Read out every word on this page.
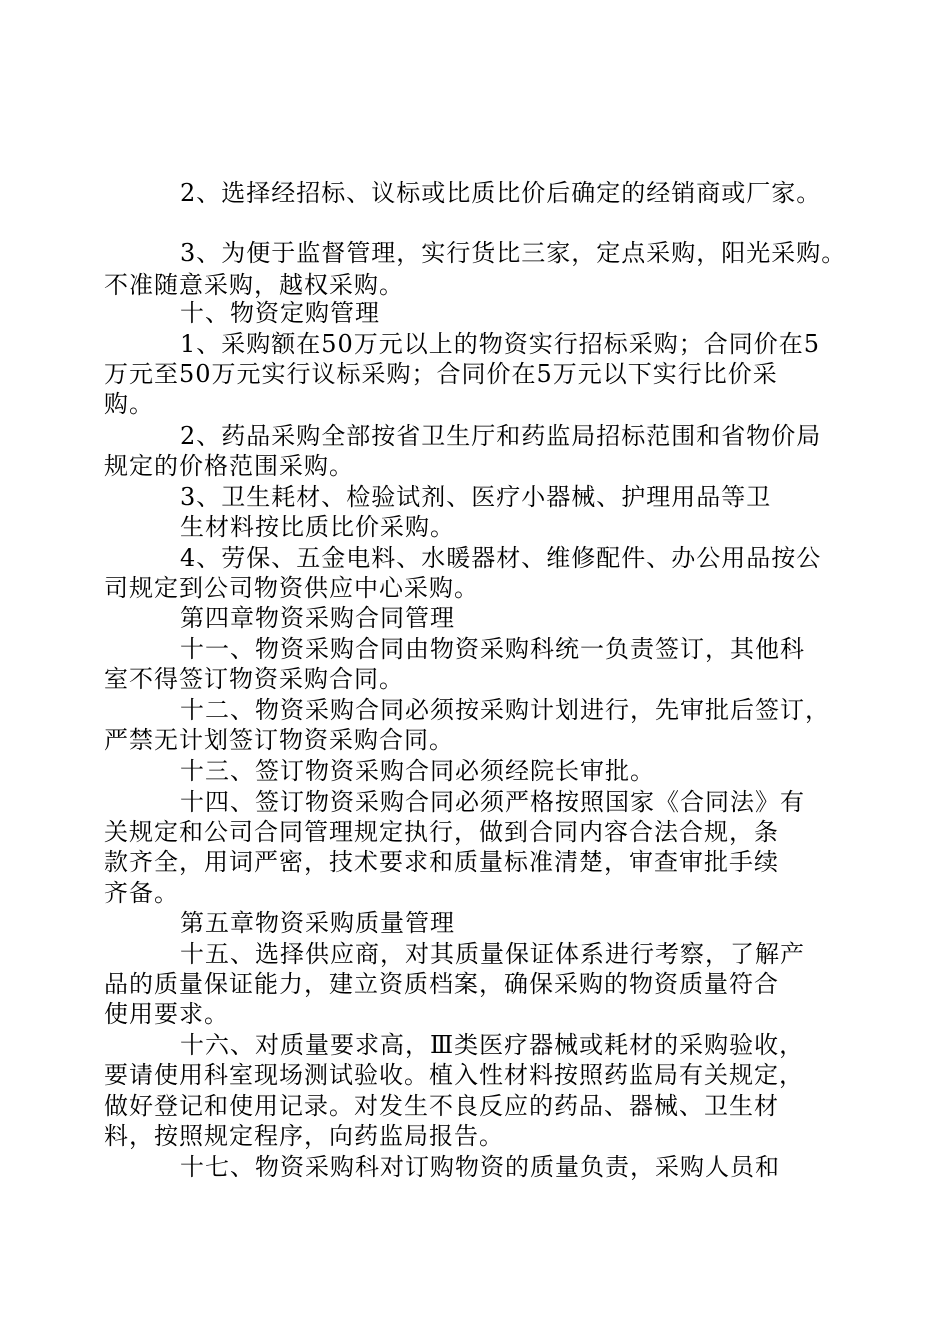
2、选择经招标、议标或比质比价后确定的经销商或厂家。
3、为便于监督管理，实行货比三家，定点采购，阳光采购。
不准随意采购，越权采购。
十、物资定购管理
1、采购额在50万元以上的物资实行招标采购；合同价在5
万元至50万元实行议标采购；合同价在5万元以下实行比价采
购。
2、药品采购全部按省卫生厅和药监局招标范围和省物价局
规定的价格范围采购。
3、卫生耗材、检验试剂、医疗小器械、护理用品等卫
生材料按比质比价采购。
4、劳保、五金电料、水暖器材、维修配件、办公用品按公
司规定到公司物资供应中心采购。
第四章物资采购合同管理
十一、物资采购合同由物资采购科统一负责签订，其他科
室不得签订物资采购合同。
十二、物资采购合同必须按采购计划进行，先审批后签订，
严禁无计划签订物资采购合同。
十三、签订物资采购合同必须经院长审批。
十四、签订物资采购合同必须严格按照国家《合同法》有
关规定和公司合同管理规定执行，做到合同内容合法合规，条
款齐全，用词严密，技术要求和质量标准清楚，审查审批手续
齐备。
第五章物资采购质量管理
十五、选择供应商，对其质量保证体系进行考察，了解产
品的质量保证能力，建立资质档案，确保采购的物资质量符合
使用要求。
十六、对质量要求高，Ⅲ类医疗器械或耗材的采购验收，
要请使用科室现场测试验收。植入性材料按照药监局有关规定，
做好登记和使用记录。对发生不良反应的药品、器械、卫生材
料，按照规定程序，向药监局报告。
十七、物资采购科对订购物资的质量负责，采购人员和
